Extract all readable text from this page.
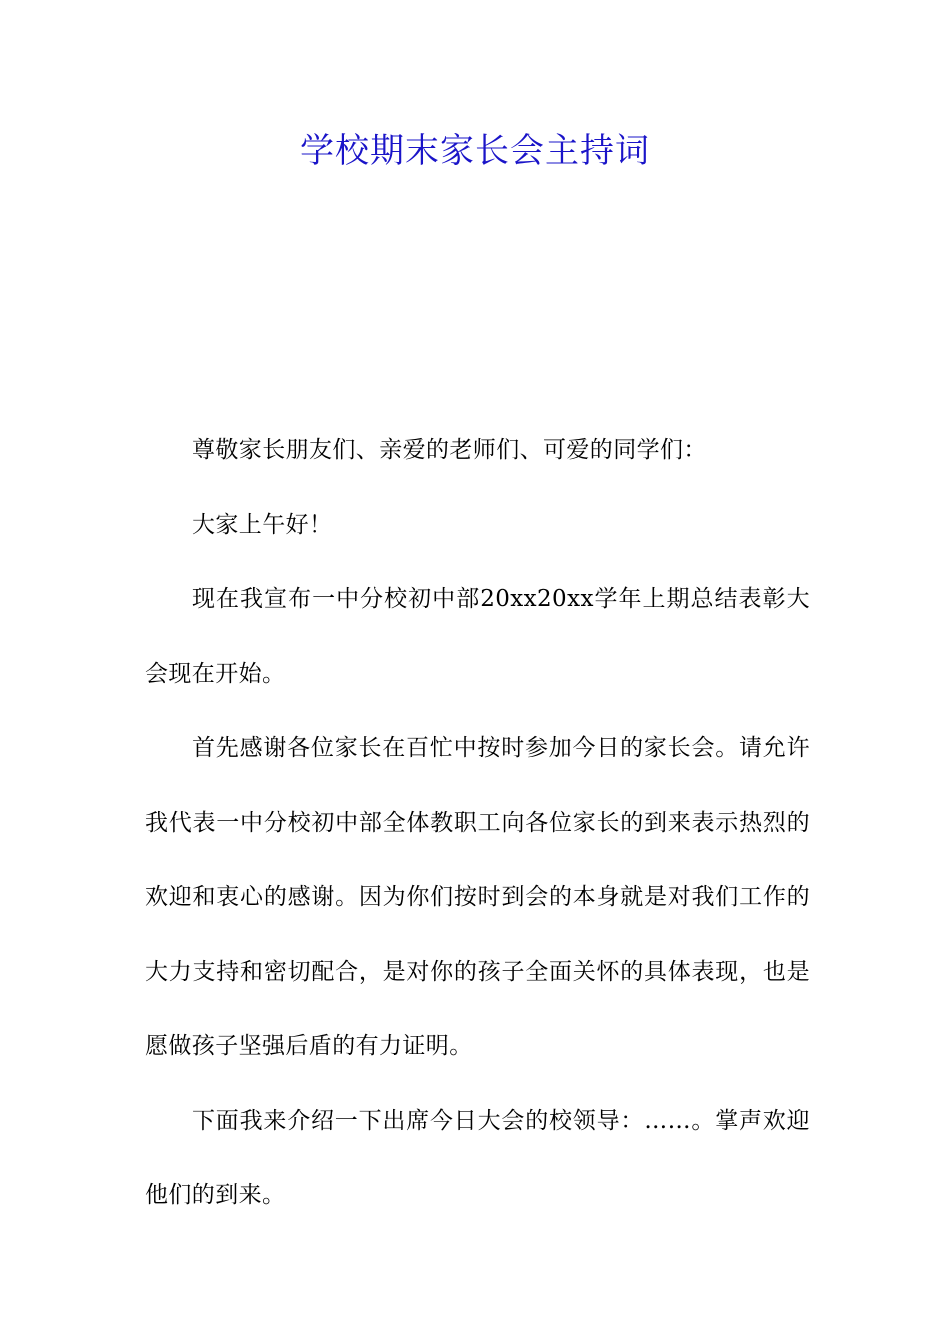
学校期末家长会主持词

尊敬家长朋友们、亲爱的老师们、可爱的同学们：

大家上午好！

现在我宣布一中分校初中部20xx20xx学年上期总结表彰大会现在开始。

首先感谢各位家长在百忙中按时参加今日的家长会。请允许我代表一中分校初中部全体教职工向各位家长的到来表示热烈的欢迎和衷心的感谢。因为你们按时到会的本身就是对我们工作的大力支持和密切配合，是对你的孩子全面关怀的具体表现，也是愿做孩子坚强后盾的有力证明。

下面我来介绍一下出席今日大会的校领导：……。掌声欢迎他们的到来。
